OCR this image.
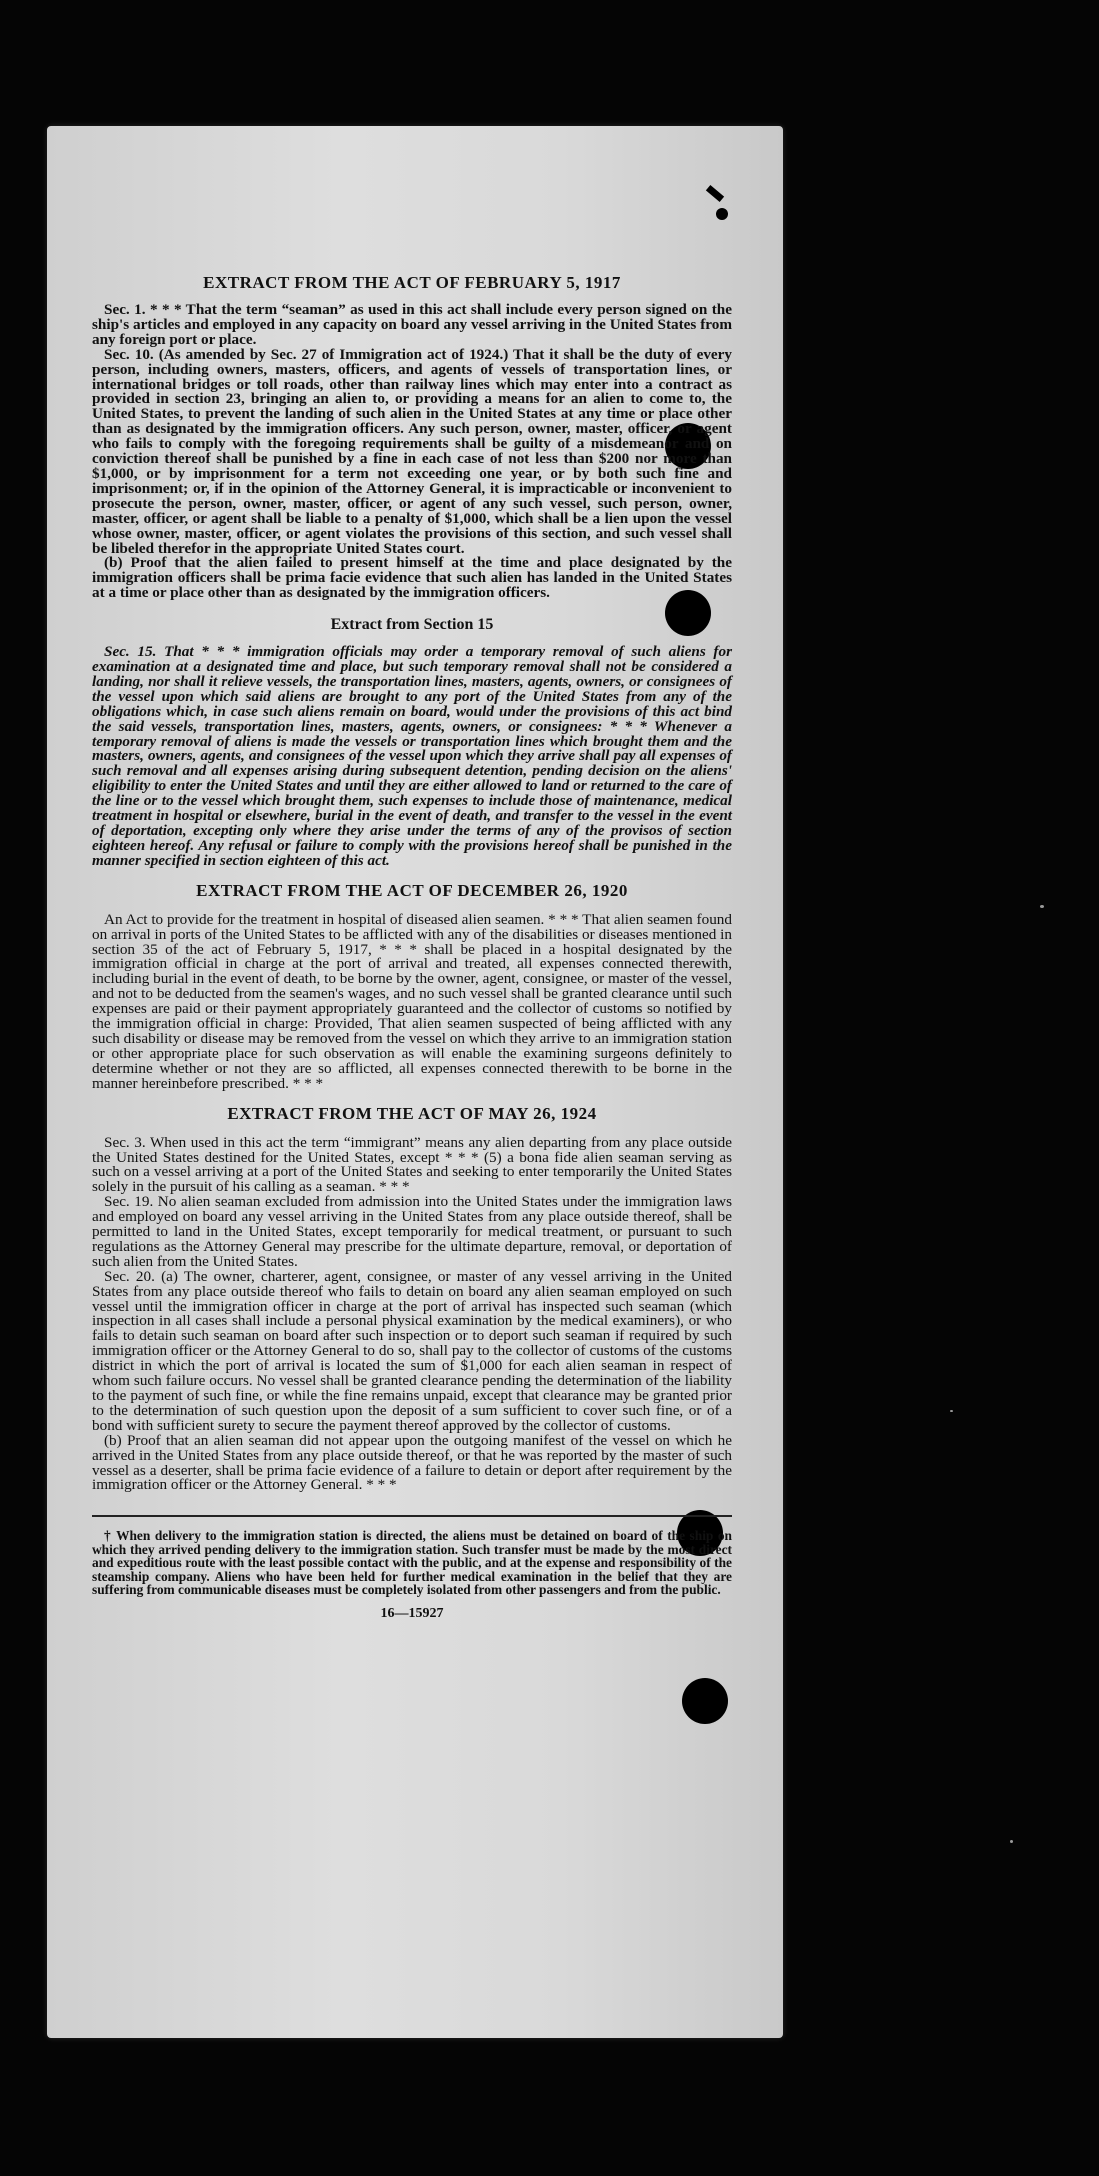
EXTRACT FROM THE ACT OF FEBRUARY 5, 1917

Sec. 1. * * * That the term “seaman” as used in this act shall include every person signed on the ship's articles and employed in any capacity on board any vessel arriving in the United States from any foreign port or place.

Sec. 10. (As amended by Sec. 27 of Immigration act of 1924.) That it shall be the duty of every person, including owners, masters, officers, and agents of vessels of transportation lines, or international bridges or toll roads, other than railway lines which may enter into a contract as provided in section 23, bringing an alien to, or providing a means for an alien to come to, the United States, to prevent the landing of such alien in the United States at any time or place other than as designated by the immigration officers. Any such person, owner, master, officer, or agent who fails to comply with the foregoing requirements shall be guilty of a misdemeanor and on conviction thereof shall be punished by a fine in each case of not less than $200 nor more than $1,000, or by imprisonment for a term not exceeding one year, or by both such fine and imprisonment; or, if in the opinion of the Attorney General, it is impracticable or inconvenient to prosecute the person, owner, master, officer, or agent of any such vessel, such person, owner, master, officer, or agent shall be liable to a penalty of $1,000, which shall be a lien upon the vessel whose owner, master, officer, or agent violates the provisions of this section, and such vessel shall be libeled therefor in the appropriate United States court.

(b) Proof that the alien failed to present himself at the time and place designated by the immigration officers shall be prima facie evidence that such alien has landed in the United States at a time or place other than as designated by the immigration officers.

Extract from Section 15

Sec. 15. That * * * immigration officials may order a temporary removal of such aliens for examination at a designated time and place, but such temporary removal shall not be considered a landing, nor shall it relieve vessels, the transportation lines, masters, agents, owners, or consignees of the vessel upon which said aliens are brought to any port of the United States from any of the obligations which, in case such aliens remain on board, would under the provisions of this act bind the said vessels, transportation lines, masters, agents, owners, or consignees: * * * Whenever a temporary removal of aliens is made the vessels or transportation lines which brought them and the masters, owners, agents, and consignees of the vessel upon which they arrive shall pay all expenses of such removal and all expenses arising during subsequent detention, pending decision on the aliens' eligibility to enter the United States and until they are either allowed to land or returned to the care of the line or to the vessel which brought them, such expenses to include those of maintenance, medical treatment in hospital or elsewhere, burial in the event of death, and transfer to the vessel in the event of deportation, excepting only where they arise under the terms of any of the provisos of section eighteen hereof. Any refusal or failure to comply with the provisions hereof shall be punished in the manner specified in section eighteen of this act.

EXTRACT FROM THE ACT OF DECEMBER 26, 1920

An Act to provide for the treatment in hospital of diseased alien seamen. * * * That alien seamen found on arrival in ports of the United States to be afflicted with any of the disabilities or diseases mentioned in section 35 of the act of February 5, 1917, * * * shall be placed in a hospital designated by the immigration official in charge at the port of arrival and treated, all expenses connected therewith, including burial in the event of death, to be borne by the owner, agent, consignee, or master of the vessel, and not to be deducted from the seamen's wages, and no such vessel shall be granted clearance until such expenses are paid or their payment appropriately guaranteed and the collector of customs so notified by the immigration official in charge: Provided, That alien seamen suspected of being afflicted with any such disability or disease may be removed from the vessel on which they arrive to an immigration station or other appropriate place for such observation as will enable the examining surgeons definitely to determine whether or not they are so afflicted, all expenses connected therewith to be borne in the manner hereinbefore prescribed. * * *

EXTRACT FROM THE ACT OF MAY 26, 1924

Sec. 3. When used in this act the term “immigrant” means any alien departing from any place outside the United States destined for the United States, except * * * (5) a bona fide alien seaman serving as such on a vessel arriving at a port of the United States and seeking to enter temporarily the United States solely in the pursuit of his calling as a seaman. * * *

Sec. 19. No alien seaman excluded from admission into the United States under the immigration laws and employed on board any vessel arriving in the United States from any place outside thereof, shall be permitted to land in the United States, except temporarily for medical treatment, or pursuant to such regulations as the Attorney General may prescribe for the ultimate departure, removal, or deportation of such alien from the United States.

Sec. 20. (a) The owner, charterer, agent, consignee, or master of any vessel arriving in the United States from any place outside thereof who fails to detain on board any alien seaman employed on such vessel until the immigration officer in charge at the port of arrival has inspected such seaman (which inspection in all cases shall include a personal physical examination by the medical examiners), or who fails to detain such seaman on board after such inspection or to deport such seaman if required by such immigration officer or the Attorney General to do so, shall pay to the collector of customs of the customs district in which the port of arrival is located the sum of $1,000 for each alien seaman in respect of whom such failure occurs. No vessel shall be granted clearance pending the determination of the liability to the payment of such fine, or while the fine remains unpaid, except that clearance may be granted prior to the determination of such question upon the deposit of a sum sufficient to cover such fine, or of a bond with sufficient surety to secure the payment thereof approved by the collector of customs.

(b) Proof that an alien seaman did not appear upon the outgoing manifest of the vessel on which he arrived in the United States from any place outside thereof, or that he was reported by the master of such vessel as a deserter, shall be prima facie evidence of a failure to detain or deport after requirement by the immigration officer or the Attorney General. * * *

† When delivery to the immigration station is directed, the aliens must be detained on board of the ship on which they arrived pending delivery to the immigration station. Such transfer must be made by the most direct and expeditious route with the least possible contact with the public, and at the expense and responsibility of the steamship company. Aliens who have been held for further medical examination in the belief that they are suffering from communicable diseases must be completely isolated from other passengers and from the public.

16—15927
